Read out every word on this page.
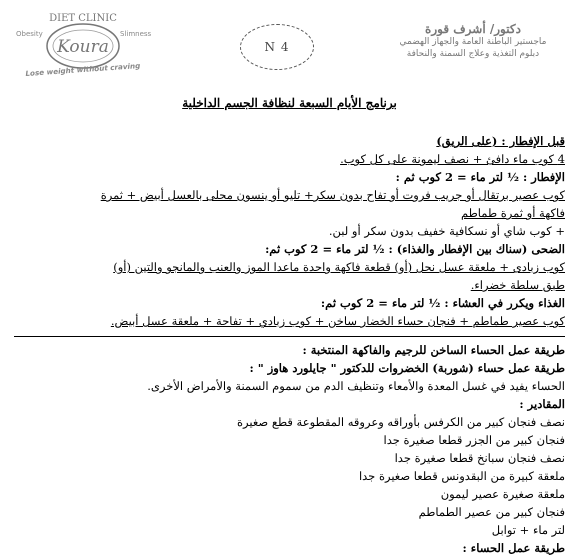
DIET CLINIC
Obesity	Slimness
Koura
Lose weight without craving
N 4
دكتور/ أشرف قورة
ماجستير الباطنة العامة والجهاز الهضمي
دبلوم التغذية وعلاج السمنة والنحافة

برنامج الأيام السبعة لنظافة الجسم الداخلية

قبل الإفطار : (على الريق)

4 كوب ماء دافئ + نصف ليمونة على كل كوب.

الإفطار : ½ لتر ماء = 2 كوب ثم :

كوب عصير برتقال أو جريب فروت أو تفاح بدون سكر+ تليو أو ينسون محلى بالعسل أبيض + ثمرة

فاكهة أو ثمرة طماطم

+ كوب شاي أو نسكافية خفيف بدون سكر أو لبن.

الضحى (سناك بين الإفطار والغذاء) : ½ لتر ماء = 2 كوب ثم:

كوب زبادى + ملعقة عسل نحل (أو) قطعة فاكهة واحدة ماعدا الموز والعنب والمانجو والتين (أو)

طبق سلطة خضراء.

الغذاء ويكرر في العشاء : ½ لتر ماء = 2 كوب ثم:

كوب عصير طماطم + فنجان حساء الخضار ساخن + كوب زبادي + تفاحة + ملعقة عسل أبيض.

طريقة عمل الحساء الساخن للرجيم والفاكهة المنتخبة :

طريقة عمل حساء (شوربة) الخضروات للدكتور " جايلورد هاوز " :

الحساء يفيد في غسل المعدة والأمعاء وتنظيف الدم من سموم السمنة والأمراض الأخرى.

المقادير :

نصف فنجان كبير من الكرفس بأوراقه وعروقه المقطوعة قطع صغيرة

فنجان كبير من الجزر قطعا صغيرة جدا

نصف فنجان سبانخ قطعا صغيرة جدا

ملعقة كبيرة من البقدونس قطعا صغيرة جدا

ملعقة صغيرة عصير ليمون

فنجان كبير من عصير الطماطم

لتر ماء + توابل

طريقة عمل الحساء :
